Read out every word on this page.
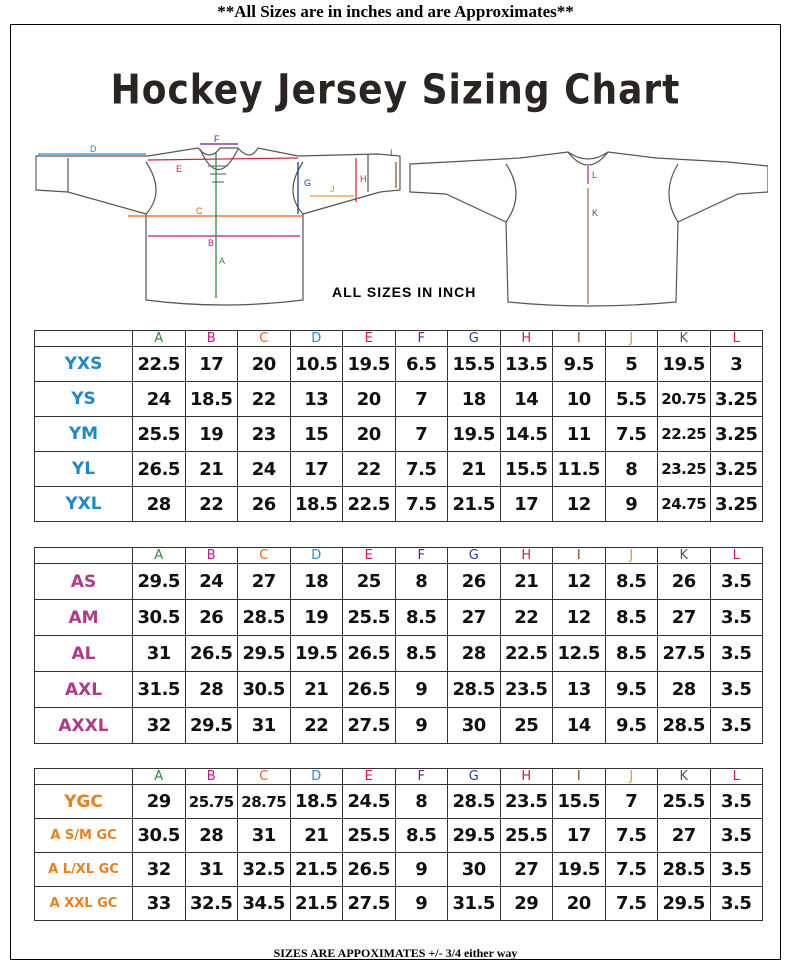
**All Sizes are in inches and are Approximates**
Hockey Jersey Sizing Chart
D
E
F
G	H
I
J
C
B
A
L
K
ALL SIZES IN INCH
	A	B	C	D	E	F	G	H	I	J	K	L
YXS	22.5	17	20	10.5	19.5	6.5	15.5	13.5	9.5	5	19.5	3
YS	24	18.5	22	13	20	7	18	14	10	5.5	20.75	3.25
YM	25.5	19	23	15	20	7	19.5	14.5	11	7.5	22.25	3.25
YL	26.5	21	24	17	22	7.5	21	15.5	11.5	8	23.25	3.25
YXL	28	22	26	18.5	22.5	7.5	21.5	17	12	9	24.75	3.25
	A	B	C	D	E	F	G	H	I	J	K	L
AS	29.5	24	27	18	25	8	26	21	12	8.5	26	3.5
AM	30.5	26	28.5	19	25.5	8.5	27	22	12	8.5	27	3.5
AL	31	26.5	29.5	19.5	26.5	8.5	28	22.5	12.5	8.5	27.5	3.5
AXL	31.5	28	30.5	21	26.5	9	28.5	23.5	13	9.5	28	3.5
AXXL	32	29.5	31	22	27.5	9	30	25	14	9.5	28.5	3.5
	A	B	C	D	E	F	G	H	I	J	K	L
YGC	29	25.75	28.75	18.5	24.5	8	28.5	23.5	15.5	7	25.5	3.5
A S/M GC	30.5	28	31	21	25.5	8.5	29.5	25.5	17	7.5	27	3.5
A L/XL GC	32	31	32.5	21.5	26.5	9	30	27	19.5	7.5	28.5	3.5
A XXL GC	33	32.5	34.5	21.5	27.5	9	31.5	29	20	7.5	29.5	3.5
SIZES ARE APPOXIMATES +/- 3/4 either way
